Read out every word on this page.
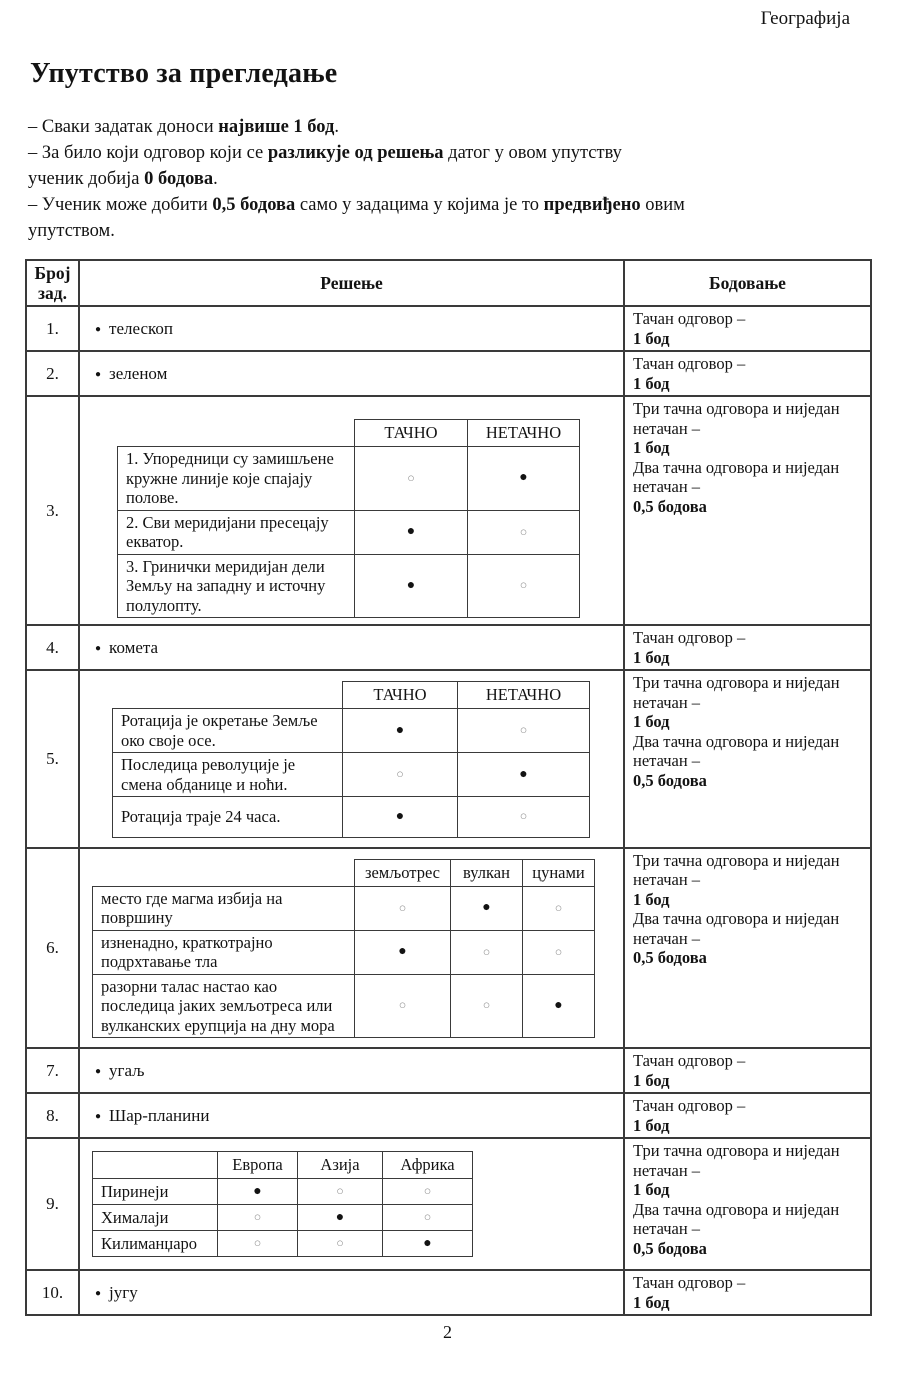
Географија
Упутство за прегледање

– Сваки задатак доноси највише 1 бод.

– За било који одговор који се разликује од решења датог у овом упутству

ученик добија 0 бодова.

– Ученик може добити 0,5 бодова само у задацима у којима је то предвиђено овим

упутством.

Број
зад.	Решење	Бодовање
1.	● телескоп	Тачан одговор –
1 бод

2.	● зеленом	Тачан одговор –
1 бод

3.	
	ТАЧНО	НЕТАЧНО
1. Упоредници су замишљене кружне линије које спајају полове.	○	●
2. Сви меридијани пресецају екватор.	●	○
3. Гринички меридијан дели Земљу на западну и источну полулопту.	●	○

Три тачна одговора и ниједан нетачан –
1 бод
Два тачна одговора и ниједан нетачан –
0,5 бодова

4.	● комета	Тачан одговор –
1 бод

5.	
	ТАЧНО	НЕТАЧНО
Ротација је окретање Земље око своје осе.	●	○
Последица револуције је смена обданице и ноћи.	○	●
Ротација траје 24 часа.	●	○

Три тачна одговора и ниједан нетачан –
1 бод
Два тачна одговора и ниједан нетачан –
0,5 бодова

6.	
	земљотрес	вулкан	цунами
место где магма избија на површину	○	●	○
изненадно, краткотрајно подрхтавање тла	●	○	○
разорни талас настао као последица јаких земљотреса или вулканских ерупција на дну мора	○	○	●

Три тачна одговора и ниједан нетачан –
1 бод
Два тачна одговора и ниједан нетачан –
0,5 бодова

7.	● угаљ	Тачан одговор –
1 бод

8.	● Шар-планини	Тачан одговор –
1 бод

9.	
	Европа	Азија	Африка
Пиринеји	●	○	○
Хималаји	○	●	○
Килиманџаро	○	○	●

Три тачна одговора и ниједан нетачан –
1 бод
Два тачна одговора и ниједан нетачан –
0,5 бодова

10.	● југу	Тачан одговор –
1 бод
2
